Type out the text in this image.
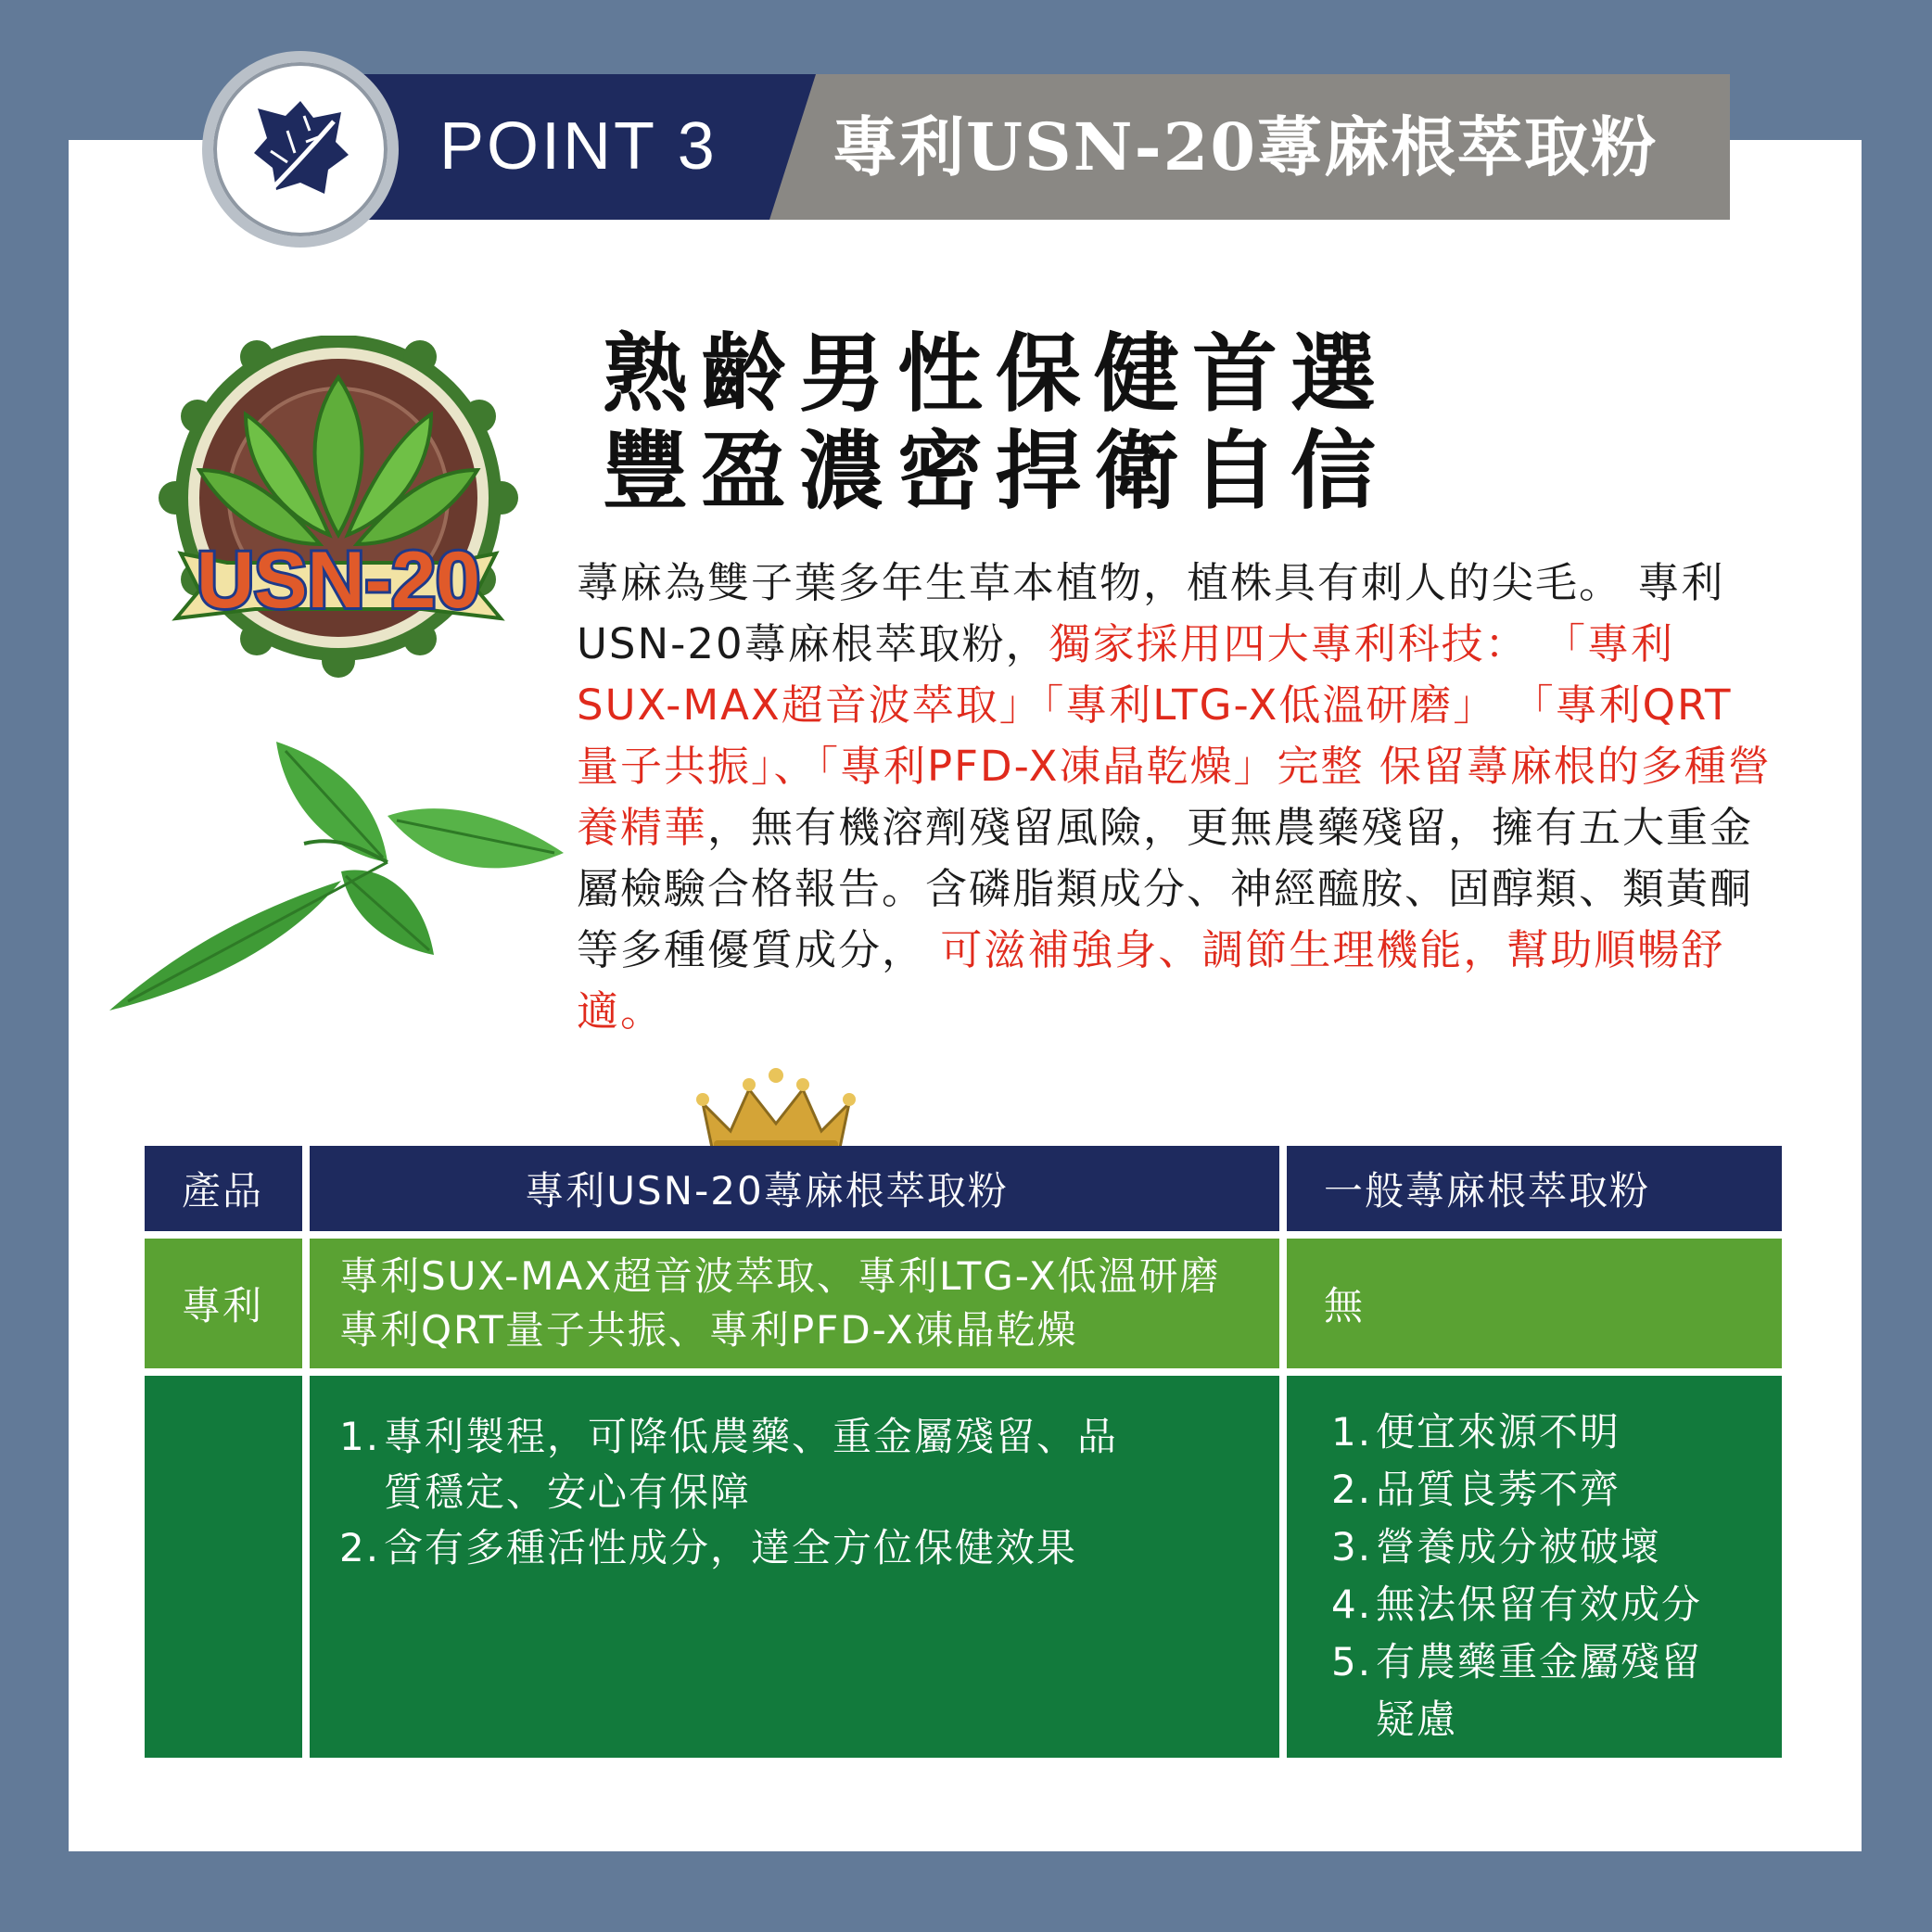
POINT 3 專利USN-20蕁麻根萃取粉
USN-20
熟齡男性保健首選
豐盈濃密捍衛自信
蕁麻為雙子葉多年生草本植物，植株具有刺人的尖毛。 專利USN-20蕁麻根萃取粉，獨家採用四大專利科技： 「專利SUX-MAX超音波萃取」「專利LTG-X低溫研磨」 「專利QRT量子共振」、「專利PFD-X凍晶乾燥」完整 保留蕁麻根的多種營養精華，無有機溶劑殘留風險，更無農藥殘留，擁有五大重金屬檢驗合格報告。含磷脂類成分、神經醯胺、固醇類、類黃酮等多種優質成分， 可滋補強身、調節生理機能，幫助順暢舒適。
產品	專利USN-20蕁麻根萃取粉	一般蕁麻根萃取粉
專利
專利SUX-MAX超音波萃取、專利LTG-X低溫研磨
專利QRT量子共振、專利PFD-X凍晶乾燥
無
1. 專利製程，可降低農藥、重金屬殘留、品質穩定、安心有保障
2. 含有多種活性成分，達全方位保健效果
1. 便宜來源不明
2. 品質良莠不齊
3. 營養成分被破壞
4. 無法保留有效成分
5. 有農藥重金屬殘留疑慮
